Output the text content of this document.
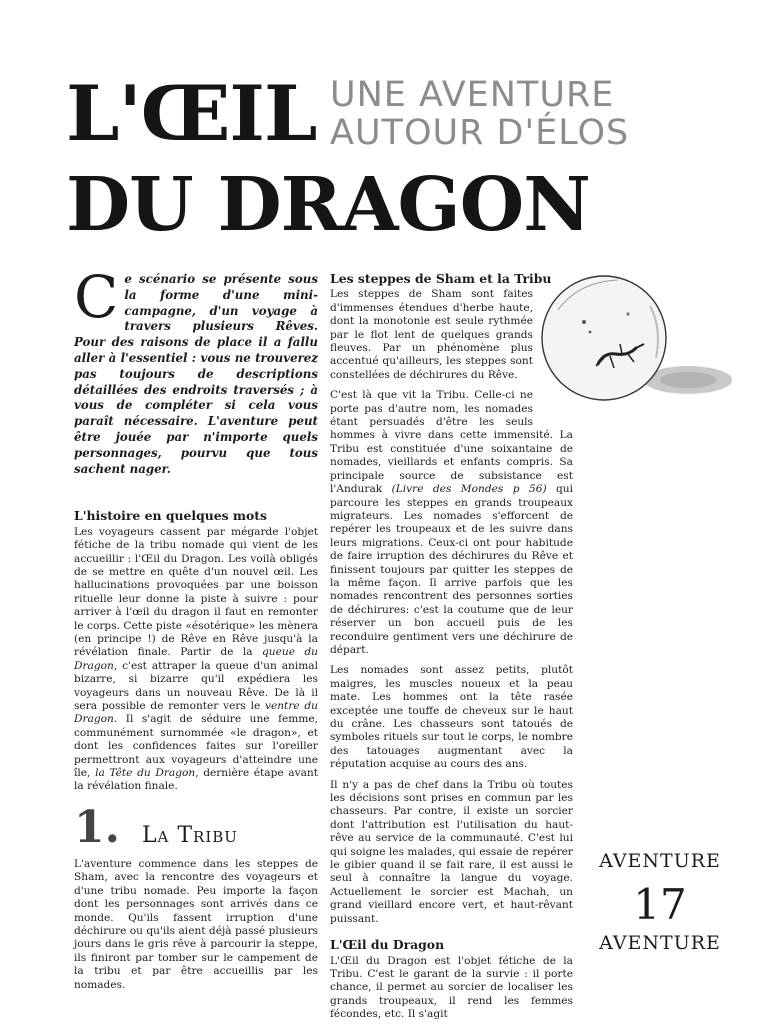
L'ŒIL UNE AVENTURE
AUTOUR D'ÉLOS
DU DRAGON
C e scénario se présente sous la forme d'une mini-campagne, d'un voyage à travers plusieurs Rêves. Pour des raisons de place il a fallu aller à l'essentiel : vous ne trouverez pas toujours de descriptions détaillées des endroits traversés ; à vous de compléter si cela vous paraît nécessaire. L'aventure peut être jouée par n'importe quels personnages, pourvu que tous sachent nager.
L'histoire en quelques mots

Les voyageurs cassent par mégarde l'objet fétiche de la tribu nomade qui vient de les accueillir : l'Œil du Dragon. Les voilà obligés de se mettre en quête d'un nouvel œil. Les hallucinations provoquées par une boisson rituelle leur donne la piste à suivre : pour arriver à l'œil du dragon il faut en remonter le corps. Cette piste «ésotérique» les mènera (en principe !) de Rêve en Rêve jusqu'à la révélation finale. Partir de la queue du Dragon, c'est attraper la queue d'un animal bizarre, si bizarre qu'il expédiera les voyageurs dans un nouveau Rêve. De là il sera possible de remonter vers le ventre du Dragon. Il s'agit de séduire une femme, communément surnommée «le dragon», et dont les confidences faites sur l'oreiller permettront aux voyageurs d'atteindre une île, la Tête du Dragon, dernière étape avant la révélation finale.

1. La Tribu

L'aventure commence dans les steppes de Sham, avec la rencontre des voyageurs et d'une tribu nomade. Peu importe la façon dont les personnages sont arrivés dans ce monde. Qu'ils fassent irruption d'une déchirure ou qu'ils aient déjà passé plusieurs jours dans le gris rêve à parcourir la steppe, ils finiront par tomber sur le campement de la tribu et par être accueillis par les nomades.

Les steppes de Sham et la Tribu

Les steppes de Sham sont faites d'immenses étendues d'herbe haute, dont la monotonie est seule rythmée par le flot lent de quelques grands fleuves. Par un phénomène plus accentué qu'ailleurs, les steppes sont constellées de déchirures du Rêve.

C'est là que vit la Tribu. Celle-ci ne porte pas d'autre nom, les nomades étant persuadés d'être les seuls hommes à vivre dans cette immensité. La Tribu est constituée d'une soixantaine de nomades, vieillards et enfants compris. Sa principale source de subsistance est l'Andurak (Livre des Mondes p 56) qui parcoure les steppes en grands troupeaux migrateurs. Les nomades s'efforcent de repérer les troupeaux et de les suivre dans leurs migrations. Ceux-ci ont pour habitude de faire irruption des déchirures du Rêve et finissent toujours par quitter les steppes de la même façon. Il arrive parfois que les nomades rencontrent des personnes sorties de déchirures: c'est la coutume que de leur réserver un bon accueil puis de les reconduire gentiment vers une déchirure de départ.

Les nomades sont assez petits, plutôt maigres, les muscles noueux et la peau mate. Les hommes ont la tête rasée exceptée une touffe de cheveux sur le haut du crâne. Les chasseurs sont tatoués de symboles rituels sur tout le corps, le nombre des tatouages augmentant avec la réputation acquise au cours des ans.

Il n'y a pas de chef dans la Tribu où toutes les décisions sont prises en commun par les chasseurs. Par contre, il existe un sorcier dont l'attribution est l'utilisation du haut-rêve au service de la communauté. C'est lui qui soigne les malades, qui essaie de repérer le gibier quand il se fait rare, il est aussi le seul à connaître la langue du voyage. Actuellement le sorcier est Machah, un grand vieillard encore vert, et haut-rêvant puissant.

L'Œil du Dragon

L'Œil du Dragon est l'objet fétiche de la Tribu. C'est le garant de la survie : il porte chance, il permet au sorcier de localiser les grands troupeaux, il rend les femmes fécondes, etc. Il s'agit

AVENTURE
17
AVENTURE
